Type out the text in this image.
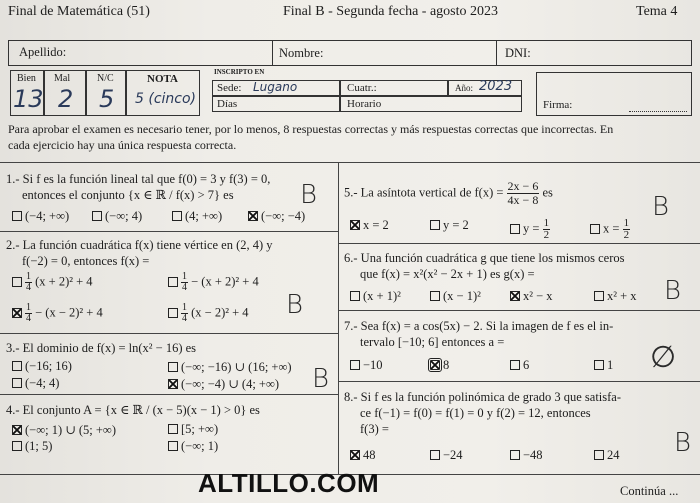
Final de Matemática (51)	Final B - Segunda fecha - agosto 2023	Tema 4
Apellido:	Nombre:	DNI:
Bien
13
Mal
2
N/C
5
NOTA
5 (cinco)
INSCRIPTO EN
Sede: Lugano	Cuatr.:	Año: 2023
Días	Horario	Firma:
Para aprobar el examen es necesario tener, por lo menos, 8 respuestas correctas y más respuestas correctas que incorrectas. En
cada ejercicio hay una única respuesta correcta.
1.- Si f es la función lineal tal que f(0) = 3 y f(3) = 0,
entonces el conjunto {x ∈ ℝ / f(x) > 7} es
(−4; +∞)	(−∞; 4)	(4; +∞)	(−∞; −4)
B
2.- La función cuadrática f(x) tiene vértice en (2, 4) y
f(−2) = 0, entonces f(x) =
$\frac{1}{4} (x + 2)^2 + 4$	$\frac{1}{4} - (x + 2)^2 + 4$
$\frac{1}{4} - (x - 2)^2 + 4$	$\frac{1}{4} (x - 2)^2 + 4$ B
3.- El dominio de f(x) = ln(x² − 16) es
(−16; 16)	(−∞; −16) ∪ (16; +∞)
(−4; 4)	(−∞; −4) ∪ (4; +∞) B
4.- El conjunto A = {x ∈ ℝ / (x − 5)(x − 1) > 0} es
(−∞; 1) ∪ (5; +∞)	[5; +∞)
(1; 5)	(−∞; 1)
5.- La asíntota vertical de $f(x) = \frac{2x - 6}{4x - 8}$ es
x = 2	y = 2	$y = \frac{1}{2}$	$x = \frac{1}{2}$
B
6.- Una función cuadrática g que tiene los mismos ceros
que f(x) = x²(x² − 2x + 1) es g(x) =
(x + 1)²	(x − 1)²	x² − x	x² + x B
7.- Sea f(x) = a cos(5x) − 2. Si la imagen de f es el in-
tervalo [−10; 6] entonces a =
−10	8	6	1 ∅
8.- Si f es la función polinómica de grado 3 que satisfa-
ce f(−1) = f(0) = f(1) = 0 y f(2) = 12, entonces
f(3) =
48	−24	−48	24 B
ALTILLO.COM	Continúa ...
